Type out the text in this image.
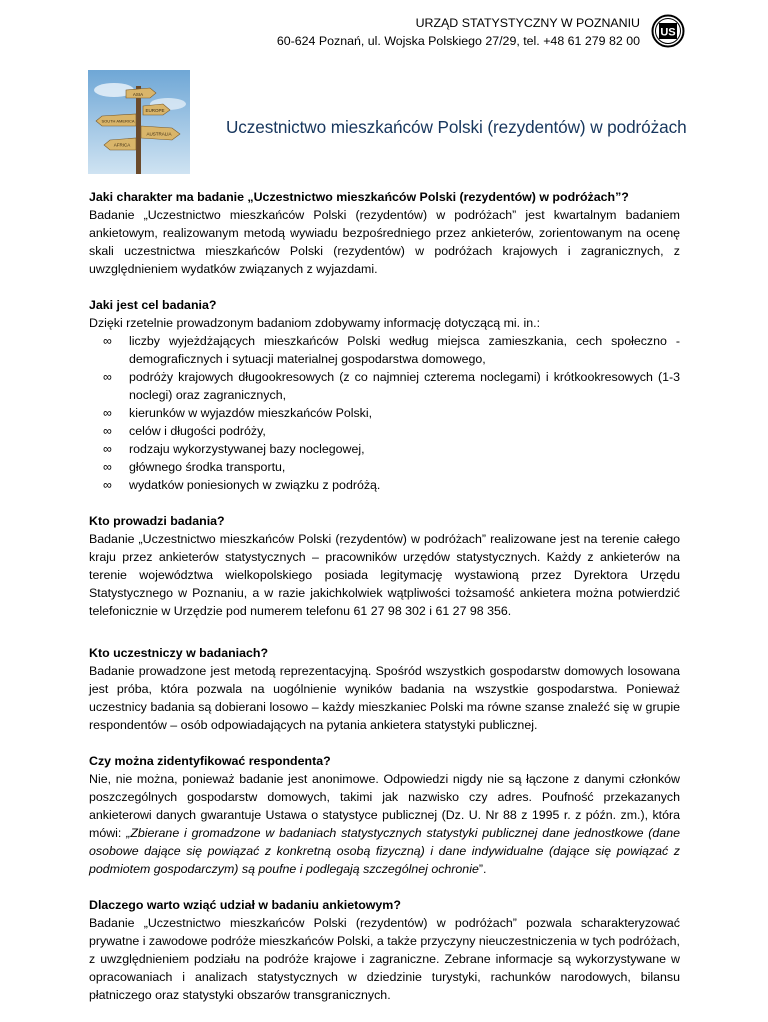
URZĄD STATYSTYCZNY W POZNANIU
60-624 Poznań, ul. Wojska Polskiego 27/29, tel. +48 61 279 82 00
US
ASIA
EUROPE
SOUTH AMERICA
AUSTRALIA
AFRICA
Uczestnictwo mieszkańców Polski (rezydentów) w podróżach

Jaki charakter ma badanie „Uczestnictwo mieszkańców Polski (rezydentów) w podróżach”?

Badanie „Uczestnictwo mieszkańców Polski (rezydentów) w podróżach” jest kwartalnym badaniem ankietowym, realizowanym metodą wywiadu bezpośredniego przez ankieterów, zorientowanym na ocenę skali uczestnictwa mieszkańców Polski (rezydentów) w podróżach krajowych i zagranicznych, z uwzględnieniem wydatków związanych z wyjazdami.

Jaki jest cel badania?

Dzięki rzetelnie prowadzonym badaniom zdobywamy informację dotyczącą mi. in.:

∞	liczby wyjeżdżających mieszkańców Polski według miejsca zamieszkania, cech społeczno -demograficznych i sytuacji materialnej gospodarstwa domowego,
∞	podróży krajowych długookresowych (z co najmniej czterema noclegami) i krótkookresowych (1-3 noclegi) oraz zagranicznych,
∞	kierunków w wyjazdów mieszkańców Polski,
∞	celów i długości podróży,
∞	rodzaju wykorzystywanej bazy noclegowej,
∞	głównego środka transportu,
∞	wydatków poniesionych w związku z podróżą.

Kto prowadzi badania?

Badanie „Uczestnictwo mieszkańców Polski (rezydentów) w podróżach” realizowane jest na terenie całego kraju przez ankieterów statystycznych – pracowników urzędów statystycznych. Każdy z ankieterów na terenie województwa wielkopolskiego posiada legitymację wystawioną przez Dyrektora Urzędu Statystycznego w Poznaniu, a w razie jakichkolwiek wątpliwości tożsamość ankietera można potwierdzić telefonicznie w Urzędzie pod numerem telefonu 61 27 98 302 i 61 27 98 356.

Kto uczestniczy w badaniach?

Badanie prowadzone jest metodą reprezentacyjną. Spośród wszystkich gospodarstw domowych losowana jest próba, która pozwala na uogólnienie wyników badania na wszystkie gospodarstwa. Ponieważ uczestnicy badania są dobierani losowo – każdy mieszkaniec Polski ma równe szanse znaleźć się w grupie respondentów – osób odpowiadających na pytania ankietera statystyki publicznej.

Czy można zidentyfikować respondenta?

Nie, nie można, ponieważ badanie jest anonimowe. Odpowiedzi nigdy nie są łączone z danymi członków poszczególnych gospodarstw domowych, takimi jak nazwisko czy adres. Poufność przekazanych ankieterowi danych gwarantuje Ustawa o statystyce publicznej (Dz. U. Nr 88 z 1995 r. z późn. zm.), która mówi: „Zbierane i gromadzone w badaniach statystycznych statystyki publicznej dane jednostkowe (dane osobowe dające się powiązać z konkretną osobą fizyczną) i dane indywidualne (dające się powiązać z podmiotem gospodarczym) są poufne i podlegają szczególnej ochronie”.

Dlaczego warto wziąć udział w badaniu ankietowym?

Badanie „Uczestnictwo mieszkańców Polski (rezydentów) w podróżach” pozwala scharakteryzować prywatne i zawodowe podróże mieszkańców Polski, a także przyczyny nieuczestniczenia w tych podróżach, z uwzględnieniem podziału na podróże krajowe i zagraniczne. Zebrane informacje są wykorzystywane w opracowaniach i analizach statystycznych w dziedzinie turystyki, rachunków narodowych, bilansu płatniczego oraz statystyki obszarów transgranicznych.
